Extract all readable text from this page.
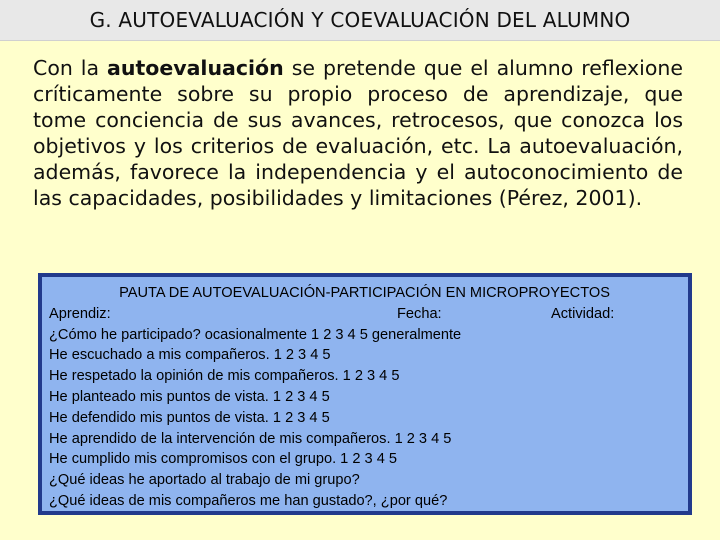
G. AUTOEVALUACIÓN Y COEVALUACIÓN DEL ALUMNO

Con la autoevaluación se pretende que el alumno reflexione críticamente sobre su propio proceso de aprendizaje, que tome conciencia de sus avances, retrocesos, que conozca los objetivos y los criterios de evaluación, etc. La autoevaluación, además, favorece la independencia y el autoconocimiento de las capacidades, posibilidades y limitaciones (Pérez, 2001).

PAUTA DE AUTOEVALUACIÓN-PARTICIPACIÓN EN MICROPROYECTOS

Aprendiz:	Fecha:	Actividad:

¿Cómo he participado? ocasionalmente 1 2 3 4 5 generalmente

He escuchado a mis compañeros. 1 2 3 4 5

He respetado la opinión de mis compañeros. 1 2 3 4 5

He planteado mis puntos de vista. 1 2 3 4 5

He defendido mis puntos de vista. 1 2 3 4 5

He aprendido de la intervención de mis compañeros. 1 2 3 4 5

He cumplido mis compromisos con el grupo. 1 2 3 4 5

¿Qué ideas he aportado al trabajo de mi grupo?

¿Qué ideas de mis compañeros me han gustado?, ¿por qué?
